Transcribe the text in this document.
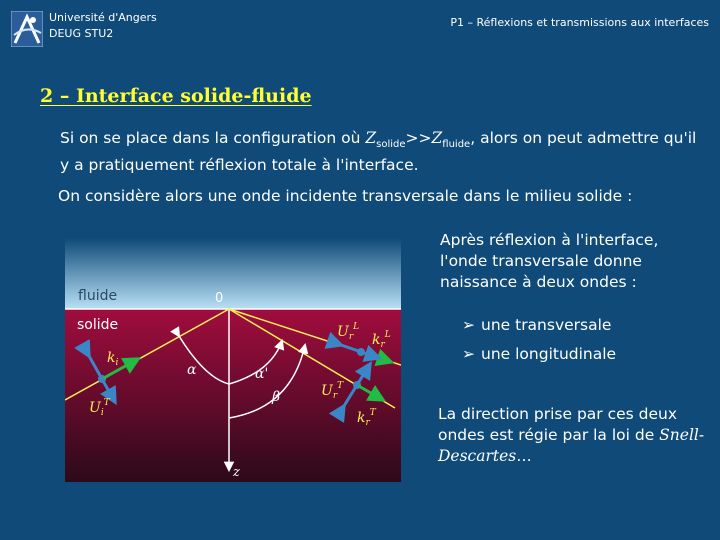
Université d'Angers
DEUG STU2
P1 – Réflexions et transmissions aux interfaces
2 – Interface solide-fluide
Si on se place dans la configuration où $Z_{solide}>>Z_{fluide}$, alors on peut admettre qu'il y a pratiquement réflexion totale à l'interface.
On considère alors une onde incidente transversale dans le milieu solide :
Après réflexion à l'interface, l'onde transversale donne naissance à deux ondes :
➢ une transversale
➢ une longitudinale
La direction prise par ces deux ondes est régie par la loi de Snell-Descartes…
fluide
solide
0
z
α	α'
β
$k_i$
$U_i^T$
$U_r^L$
$k_r^L$
$U_r^T$
$k_r^T$
